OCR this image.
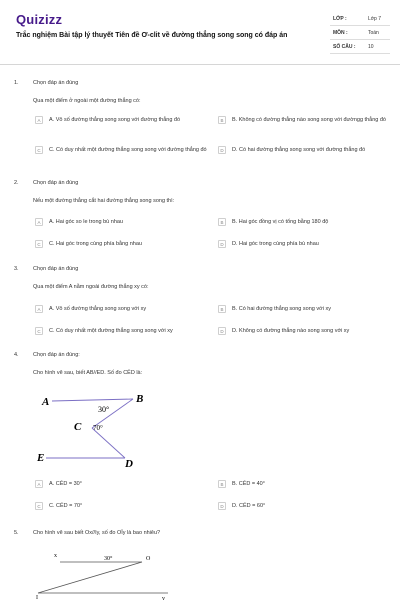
Quizizz
Trắc nghiệm Bài tập lý thuyết Tiên đề Ơ-clit về đường thẳng song song có đáp án
LỚP :	Lớp 7
MÔN :	Toán
SỐ CÂU :	10
1.	Chọn đáp án đúng
Qua một điểm ở ngoài một đường thẳng có:
A	A. Vô số đường thẳng song song với đường thẳng đó	B	B. Không có đường thẳng nào song song với đườngg thẳng đó
C	C. Có duy nhất một đường thẳng song song với đường thẳng đó	D	D. Có hai đường thẳng song song với đường thẳng đó
2.	Chọn đáp án đúng
Nếu một đường thẳng cắt hai đường thẳng song song thì:
A	A. Hai góc so le trong bù nhau	B	B. Hai góc đồng vị có tổng bằng 180 độ
C	C. Hai góc trong cùng phía bằng nhau	D	D. Hai góc trong cùng phía bù nhau
3.	Chọn đáp án đúng
Qua một điểm A nằm ngoài đường thẳng xy có:
A	A. Vô số đường thẳng song song với xy	B	B. Có hai đường thẳng song song với xy
C	C. Có duy nhất một đường thẳng song song với xy	D	D. Không có đường thẳng nào song song với xy
4.	Chọn đáp án đúng:
Cho hình vẽ sau, biết AB//ED. Số đo CÊD là:
A	B
C
D
E
30°
70°
A	A. CÊD = 30°	B	B. CÊD = 40°
C	C. CÊD = 70°	D	D. CÊD = 60°
5.	Cho hình vẽ sau biết Ox//Iy, số đo OÎy là bao nhiêu?
x	O
I	y
30°
